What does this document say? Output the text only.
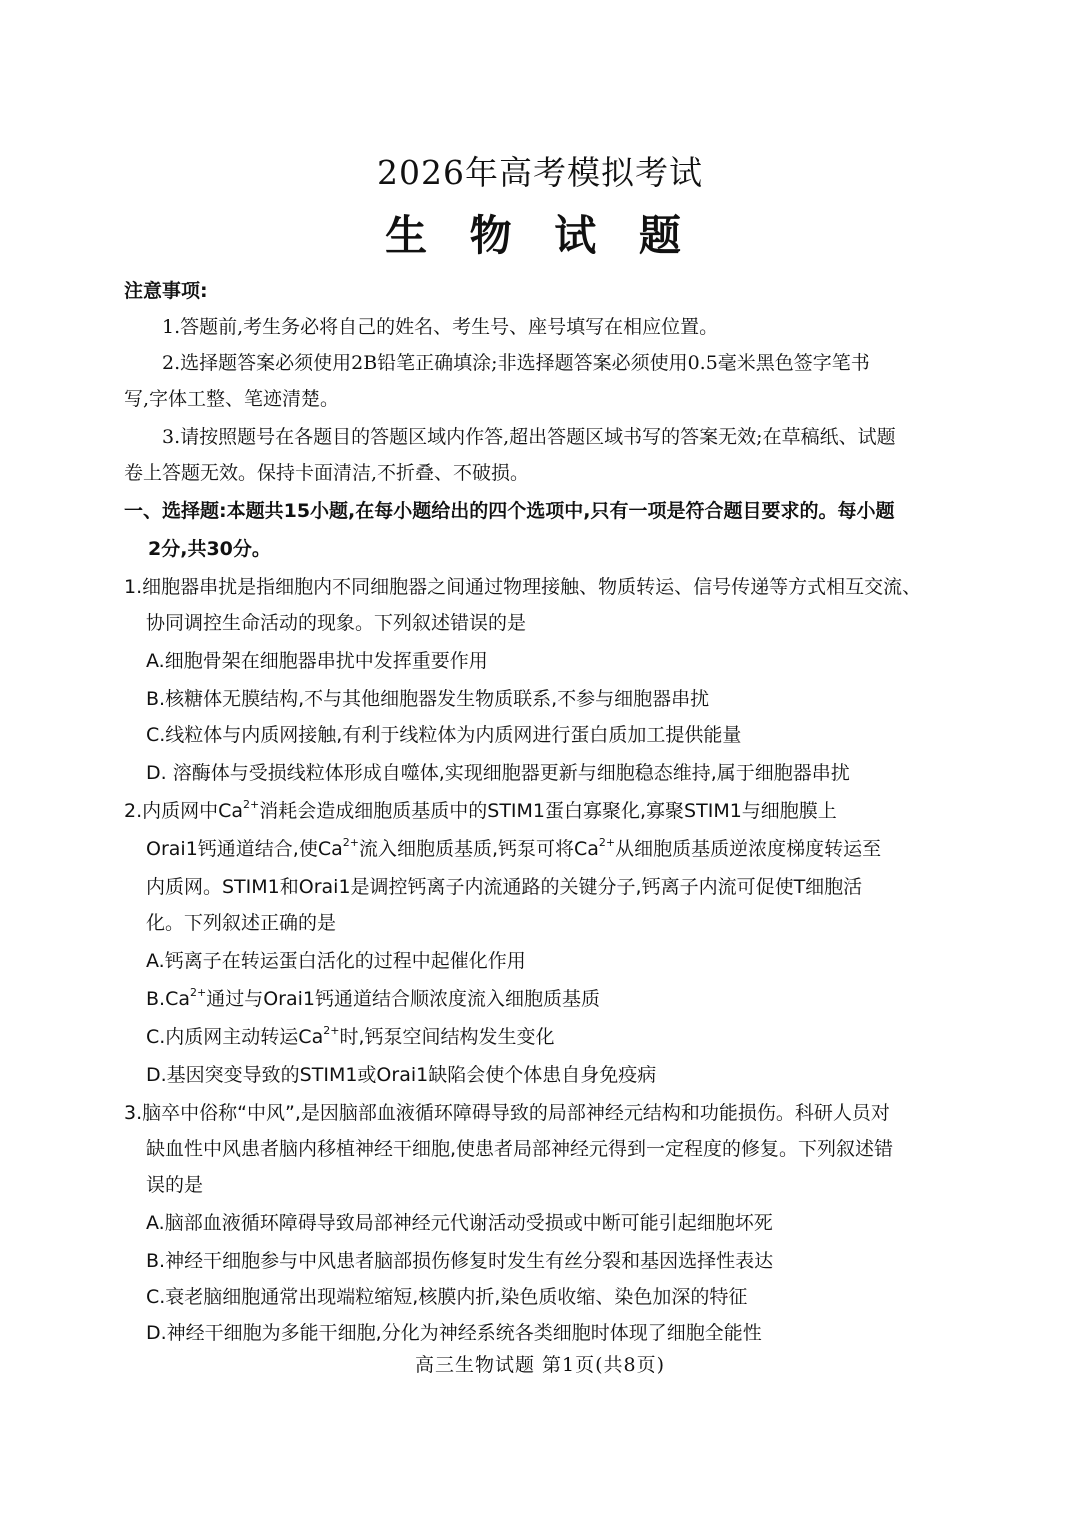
2026年高考模拟考试
生 物 试 题
注意事项:
1.答题前,考生务必将自己的姓名、考生号、座号填写在相应位置。
2.选择题答案必须使用2B铅笔正确填涂;非选择题答案必须使用0.5毫米黑色签字笔书
写,字体工整、笔迹清楚。
3.请按照题号在各题目的答题区域内作答,超出答题区域书写的答案无效;在草稿纸、试题
卷上答题无效。保持卡面清洁,不折叠、不破损。
一、选择题:本题共15小题,在每小题给出的四个选项中,只有一项是符合题目要求的。每小题
2分,共30分。
1.细胞器串扰是指细胞内不同细胞器之间通过物理接触、物质转运、信号传递等方式相互交流、
协同调控生命活动的现象。下列叙述错误的是
A.细胞骨架在细胞器串扰中发挥重要作用
B.核糖体无膜结构,不与其他细胞器发生物质联系,不参与细胞器串扰
C.线粒体与内质网接触,有利于线粒体为内质网进行蛋白质加工提供能量
D. 溶酶体与受损线粒体形成自噬体,实现细胞器更新与细胞稳态维持,属于细胞器串扰
2.内质网中$Ca^{2+}$消耗会造成细胞质基质中的STIM1蛋白寡聚化,寡聚STIM1与细胞膜上
Orai1钙通道结合,使$Ca^{2+}$流入细胞质基质,钙泵可将$Ca^{2+}$从细胞质基质逆浓度梯度转运至
内质网。STIM1和Orai1是调控钙离子内流通路的关键分子,钙离子内流可促使T细胞活
化。下列叙述正确的是
A.钙离子在转运蛋白活化的过程中起催化作用
$B.Ca^{2+}$通过与Orai1钙通道结合顺浓度流入细胞质基质
C.内质网主动转运$Ca^{2+}$时,钙泵空间结构发生变化
D.基因突变导致的STIM1或Orai1缺陷会使个体患自身免疫病
3.脑卒中俗称“中风”,是因脑部血液循环障碍导致的局部神经元结构和功能损伤。科研人员对
缺血性中风患者脑内移植神经干细胞,使患者局部神经元得到一定程度的修复。下列叙述错
误的是
A.脑部血液循环障碍导致局部神经元代谢活动受损或中断可能引起细胞坏死
B.神经干细胞参与中风患者脑部损伤修复时发生有丝分裂和基因选择性表达
C.衰老脑细胞通常出现端粒缩短,核膜内折,染色质收缩、染色加深的特征
D.神经干细胞为多能干细胞,分化为神经系统各类细胞时体现了细胞全能性
高三生物试题 第1页(共8页)
